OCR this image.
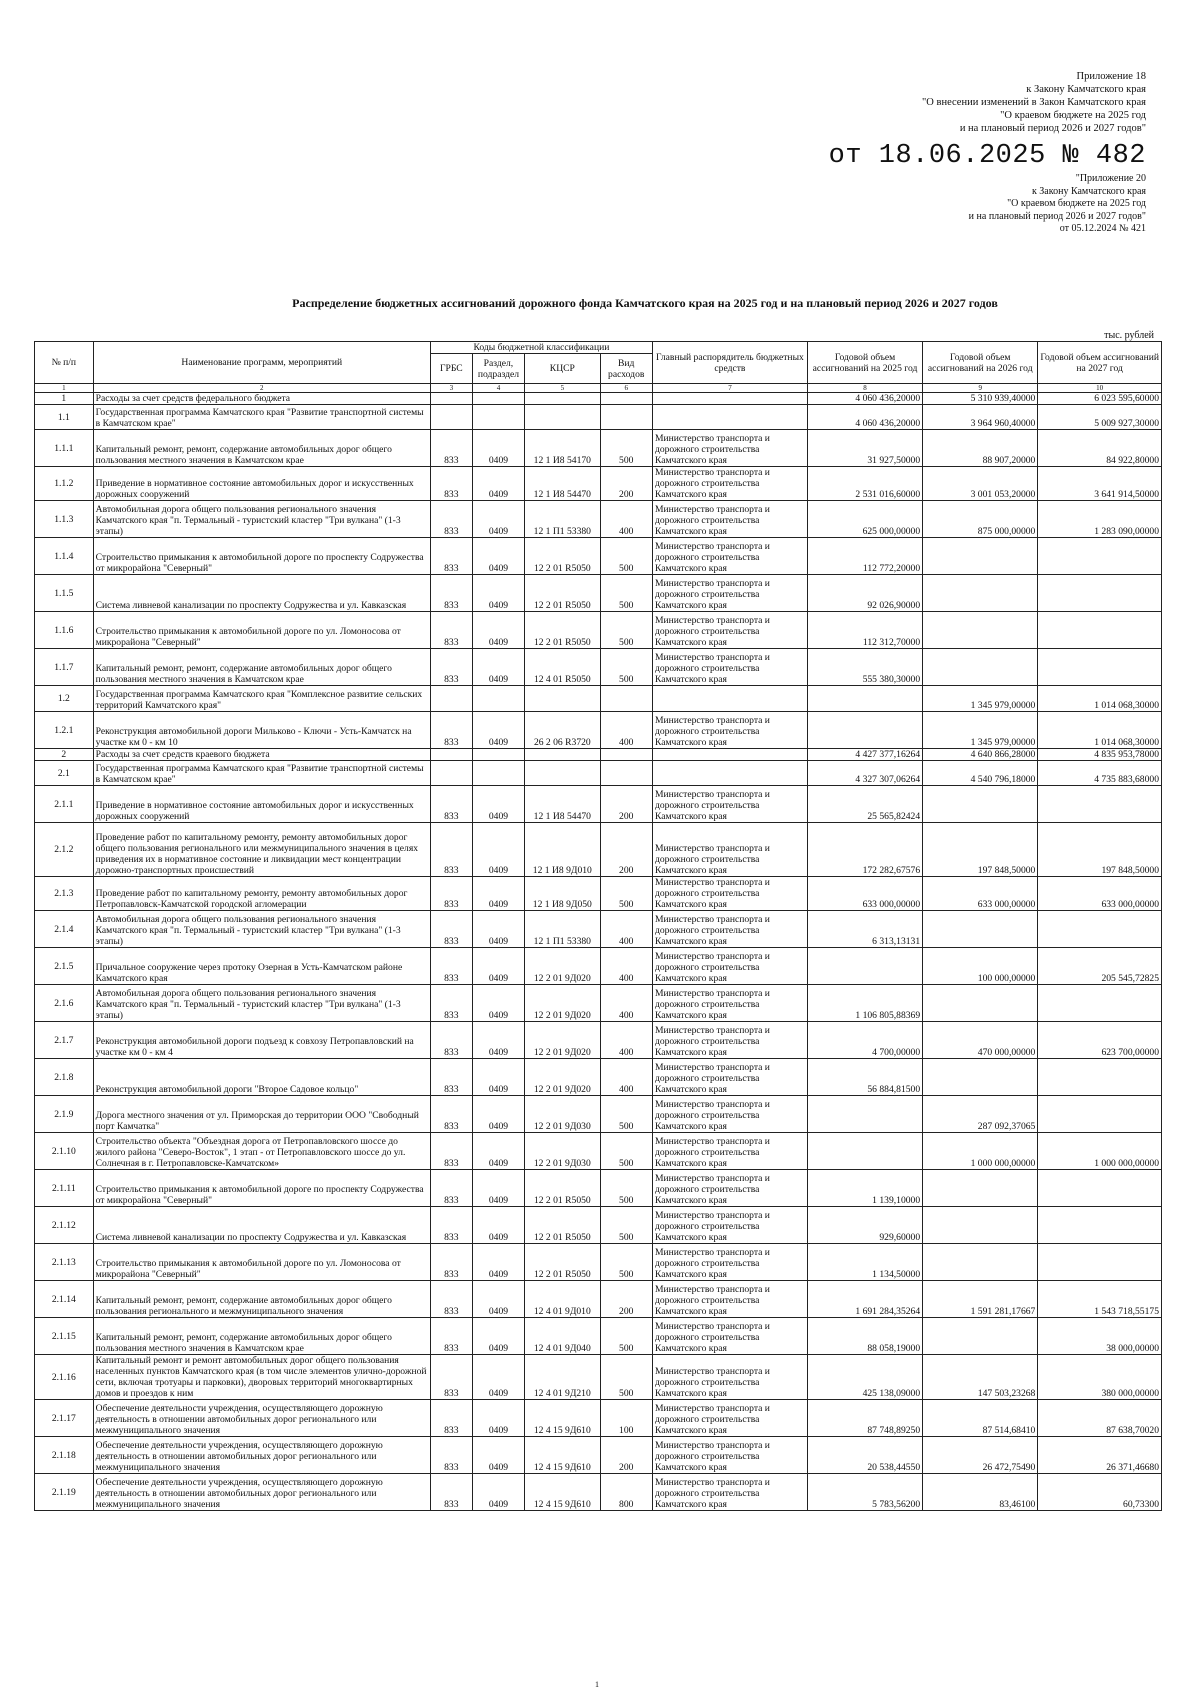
Приложение 18
к Закону Камчатского края
"О внесении изменений в Закон Камчатского края
"О краевом бюджете на 2025 год
и на плановый период 2026 и 2027 годов"
от 18.06.2025 № 482
"Приложение 20
к Закону Камчатского края
"О краевом бюджете на 2025 год
и на плановый период 2026 и 2027 годов"
от 05.12.2024 № 421
Распределение бюджетных ассигнований дорожного фонда Камчатского края на 2025 год и на плановый период 2026 и 2027 годов
тыс. рублей
№ п/п	Наименование программ, мероприятий	Коды бюджетной классификации				Главный распорядитель бюджетных средств	Годовой объем ассигнований на 2025 год	Годовой объем ассигнований на 2026 год	Годовой объем ассигнований на 2027 год
		ГРБС	Раздел, подраздел	КЦСР	Вид расходов				
1	2	3	4	5	6	7	8	9	10
1	Расходы за счет средств федерального бюджета						4 060 436,20000	5 310 939,40000	6 023 595,60000
1.1	Государственная программа Камчатского края "Развитие транспортной системы в Камчатском крае"						4 060 436,20000	3 964 960,40000	5 009 927,30000
1.1.1	Капитальный ремонт, ремонт, содержание автомобильных дорог общего пользования местного значения в Камчатском крае	833	0409	12 1 И8 54170	500	Министерство транспорта и дорожного строительства Камчатского края	31 927,50000	88 907,20000	84 922,80000
1.1.2	Приведение в нормативное состояние автомобильных дорог и искусственных дорожных сооружений	833	0409	12 1 И8 54470	200	Министерство транспорта и дорожного строительства Камчатского края	2 531 016,60000	3 001 053,20000	3 641 914,50000
1.1.3	Автомобильная дорога общего пользования регионального значения Камчатского края "п. Термальный - туристский кластер "Три вулкана" (1-3 этапы)	833	0409	12 1 П1 53380	400	Министерство транспорта и дорожного строительства Камчатского края	625 000,00000	875 000,00000	1 283 090,00000
1.1.4	Строительство примыкания к автомобильной дороге по проспекту Содружества от микрорайона "Северный"	833	0409	12 2 01 R5050	500	Министерство транспорта и дорожного строительства Камчатского края	112 772,20000		
1.1.5	Система ливневой канализации по проспекту Содружества и ул. Кавказская	833	0409	12 2 01 R5050	500	Министерство транспорта и дорожного строительства Камчатского края	92 026,90000		
1.1.6	Строительство примыкания к автомобильной дороге по ул. Ломоносова от микрорайона "Северный"	833	0409	12 2 01 R5050	500	Министерство транспорта и дорожного строительства Камчатского края	112 312,70000		
1.1.7	Капитальный ремонт, ремонт, содержание автомобильных дорог общего пользования местного значения в Камчатском крае	833	0409	12 4 01 R5050	500	Министерство транспорта и дорожного строительства Камчатского края	555 380,30000		
1.2	Государственная программа Камчатского края "Комплексное развитие сельских территорий Камчатского края"							1 345 979,00000	1 014 068,30000
1.2.1	Реконструкция автомобильной дороги Мильково - Ключи - Усть-Камчатск на участке км 0 - км 10	833	0409	26 2 06 R3720	400	Министерство транспорта и дорожного строительства Камчатского края		1 345 979,00000	1 014 068,30000
2	Расходы за счет средств краевого бюджета						4 427 377,16264	4 640 866,28000	4 835 953,78000
2.1	Государственная программа Камчатского края "Развитие транспортной системы в Камчатском крае"						4 327 307,06264	4 540 796,18000	4 735 883,68000
2.1.1	Приведение в нормативное состояние автомобильных дорог и искусственных дорожных сооружений	833	0409	12 1 И8 54470	200	Министерство транспорта и дорожного строительства Камчатского края	25 565,82424		
2.1.2	Проведение работ по капитальному ремонту, ремонту автомобильных дорог общего пользования регионального или межмуниципального значения в целях приведения их в нормативное состояние и ликвидации мест концентрации дорожно-транспортных происшествий	833	0409	12 1 И8 9Д010	200	Министерство транспорта и дорожного строительства Камчатского края	172 282,67576	197 848,50000	197 848,50000
2.1.3	Проведение работ по капитальному ремонту, ремонту автомобильных дорог Петропавловск-Камчатской городской агломерации	833	0409	12 1 И8 9Д050	500	Министерство транспорта и дорожного строительства Камчатского края	633 000,00000	633 000,00000	633 000,00000
2.1.4	Автомобильная дорога общего пользования регионального значения Камчатского края "п. Термальный - туристский кластер "Три вулкана" (1-3 этапы)	833	0409	12 1 П1 53380	400	Министерство транспорта и дорожного строительства Камчатского края	6 313,13131		
2.1.5	Причальное сооружение через протоку Озерная в Усть-Камчатском районе Камчатского края	833	0409	12 2 01 9Д020	400	Министерство транспорта и дорожного строительства Камчатского края		100 000,00000	205 545,72825
2.1.6	Автомобильная дорога общего пользования регионального значения Камчатского края "п. Термальный - туристский кластер "Три вулкана" (1-3 этапы)	833	0409	12 2 01 9Д020	400	Министерство транспорта и дорожного строительства Камчатского края	1 106 805,88369		
2.1.7	Реконструкция автомобильной дороги подъезд к совхозу Петропавловский на участке км 0 - км 4	833	0409	12 2 01 9Д020	400	Министерство транспорта и дорожного строительства Камчатского края	4 700,00000	470 000,00000	623 700,00000
2.1.8	Реконструкция автомобильной дороги "Второе Садовое кольцо"	833	0409	12 2 01 9Д020	400	Министерство транспорта и дорожного строительства Камчатского края	56 884,81500		
2.1.9	Дорога местного значения от ул. Приморская до территории ООО "Свободный порт Камчатка"	833	0409	12 2 01 9Д030	500	Министерство транспорта и дорожного строительства Камчатского края		287 092,37065	
2.1.10	Строительство объекта "Объездная дорога от Петропавловского шоссе до жилого района "Северо-Восток", 1 этап - от Петропавловского шоссе до ул. Солнечная в г. Петропавловске-Камчатском»	833	0409	12 2 01 9Д030	500	Министерство транспорта и дорожного строительства Камчатского края		1 000 000,00000	1 000 000,00000
2.1.11	Строительство примыкания к автомобильной дороге по проспекту Содружества от микрорайона "Северный"	833	0409	12 2 01 R5050	500	Министерство транспорта и дорожного строительства Камчатского края	1 139,10000		
2.1.12	Система ливневой канализации по проспекту Содружества и ул. Кавказская	833	0409	12 2 01 R5050	500	Министерство транспорта и дорожного строительства Камчатского края	929,60000		
2.1.13	Строительство примыкания к автомобильной дороге по ул. Ломоносова от микрорайона "Северный"	833	0409	12 2 01 R5050	500	Министерство транспорта и дорожного строительства Камчатского края	1 134,50000		
2.1.14	Капитальный ремонт, ремонт, содержание автомобильных дорог общего пользования регионального и межмуниципального значения	833	0409	12 4 01 9Д010	200	Министерство транспорта и дорожного строительства Камчатского края	1 691 284,35264	1 591 281,17667	1 543 718,55175
2.1.15	Капитальный ремонт, ремонт, содержание автомобильных дорог общего пользования местного значения в Камчатском крае	833	0409	12 4 01 9Д040	500	Министерство транспорта и дорожного строительства Камчатского края	88 058,19000		38 000,00000
2.1.16	Капитальный ремонт и ремонт автомобильных дорог общего пользования населенных пунктов Камчатского края (в том числе элементов улично-дорожной сети, включая тротуары и парковки), дворовых территорий многоквартирных домов и проездов к ним	833	0409	12 4 01 9Д210	500	Министерство транспорта и дорожного строительства Камчатского края	425 138,09000	147 503,23268	380 000,00000
2.1.17	Обеспечение деятельности учреждения, осуществляющего дорожную деятельность в отношении автомобильных дорог регионального или межмуниципального значения	833	0409	12 4 15 9Д610	100	Министерство транспорта и дорожного строительства Камчатского края	87 748,89250	87 514,68410	87 638,70020
2.1.18	Обеспечение деятельности учреждения, осуществляющего дорожную деятельность в отношении автомобильных дорог регионального или межмуниципального значения	833	0409	12 4 15 9Д610	200	Министерство транспорта и дорожного строительства Камчатского края	20 538,44550	26 472,75490	26 371,46680
2.1.19	Обеспечение деятельности учреждения, осуществляющего дорожную деятельность в отношении автомобильных дорог регионального или межмуниципального значения	833	0409	12 4 15 9Д610	800	Министерство транспорта и дорожного строительства Камчатского края	5 783,56200	83,46100	60,73300
1
